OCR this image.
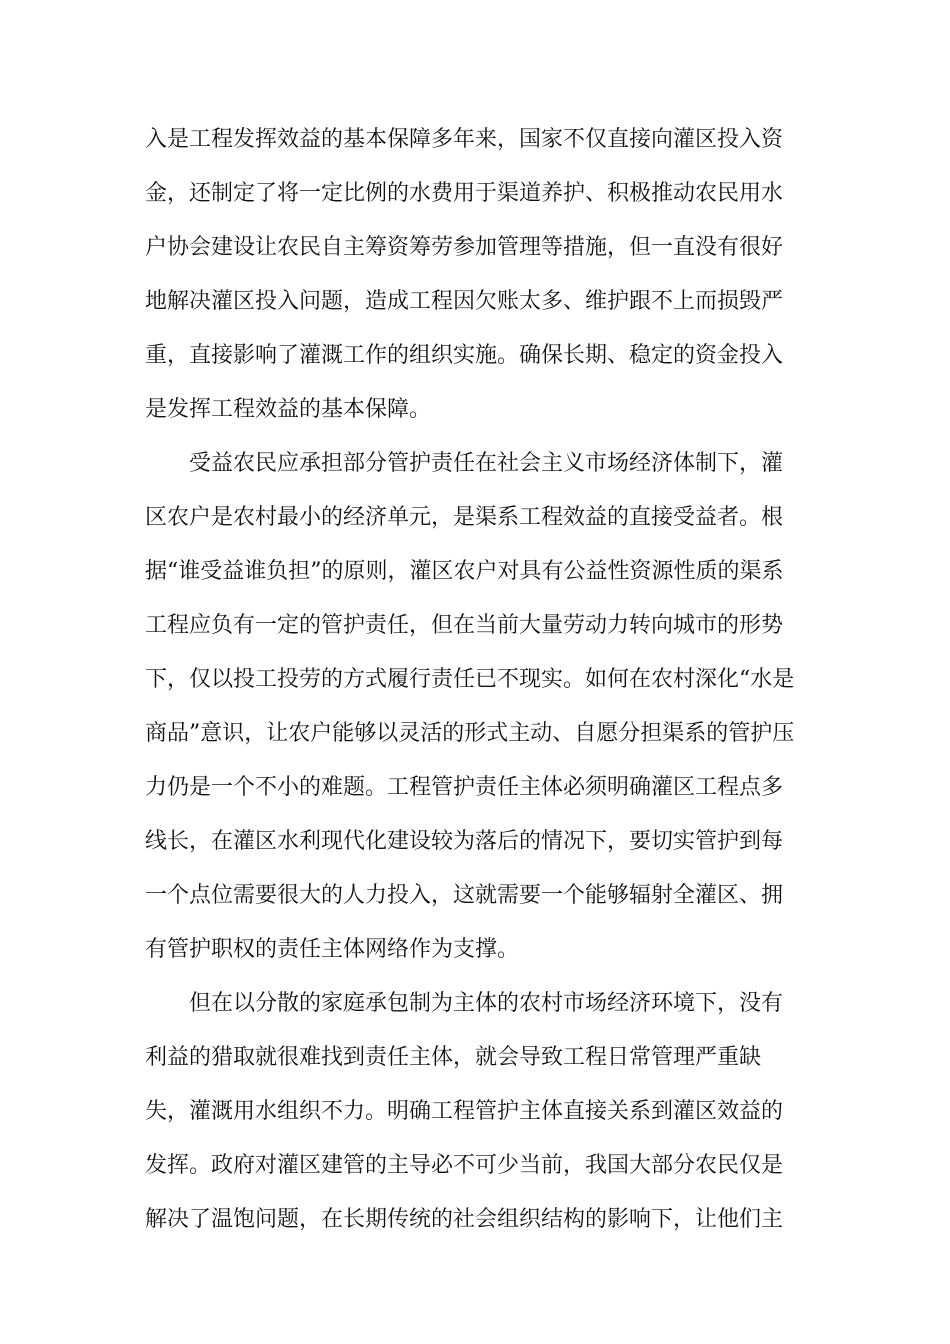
入是工程发挥效益的基本保障多年来，国家不仅直接向灌区投入资
金，还制定了将一定比例的水费用于渠道养护、积极推动农民用水
户协会建设让农民自主筹资筹劳参加管理等措施，但一直没有很好
地解决灌区投入问题，造成工程因欠账太多、维护跟不上而损毁严
重，直接影响了灌溉工作的组织实施。确保长期、稳定的资金投入
是发挥工程效益的基本保障。
受益农民应承担部分管护责任在社会主义市场经济体制下，灌
区农户是农村最小的经济单元，是渠系工程效益的直接受益者。根
据“谁受益谁负担”的原则，灌区农户对具有公益性资源性质的渠系
工程应负有一定的管护责任，但在当前大量劳动力转向城市的形势
下，仅以投工投劳的方式履行责任已不现实。如何在农村深化“水是
商品”意识，让农户能够以灵活的形式主动、自愿分担渠系的管护压
力仍是一个不小的难题。工程管护责任主体必须明确灌区工程点多
线长，在灌区水利现代化建设较为落后的情况下，要切实管护到每
一个点位需要很大的人力投入，这就需要一个能够辐射全灌区、拥
有管护职权的责任主体网络作为支撑。
但在以分散的家庭承包制为主体的农村市场经济环境下，没有
利益的猎取就很难找到责任主体，就会导致工程日常管理严重缺
失，灌溉用水组织不力。明确工程管护主体直接关系到灌区效益的
发挥。政府对灌区建管的主导必不可少当前，我国大部分农民仅是
解决了温饱问题，在长期传统的社会组织结构的影响下，让他们主
